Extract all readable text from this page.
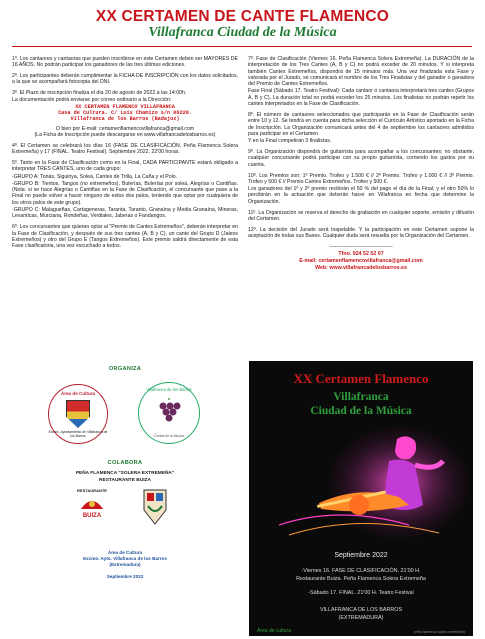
XX CERTAMEN DE CANTE FLAMENCO
Villafranca Ciudad de la Música

1º. Los cantaores y cantaoras que pueden inscribirse en este Certamen deben ser MAYORES DE 16 AÑOS. No podrán participar los ganadores de las tres últimas ediciones.

2º. Los participantes deberán cumplimentar la FICHA DE INSCRIPCIÓN con los datos solicitados, a la que se acompañará fotocopia del DNI.

3º. El Plazo de inscripción finaliza el día 20 de agosto de 2022 a las 14:00h.
La documentación podrá enviarse por correo ordinario a la Dirección:

XX CERTAMEN FLAMENCO VILLAFRANCA
Casa de Cultura. C/ Luis Chamizo s/n 06220.
Villafranca de los Barros (Badajoz)
O bien por E-mail: certamenflamencovillafranca@gmail.com
(La Ficha de Inscripción puede descargarse en www.villafrancadelosbarros.es)

4º. El Certamen se celebrará los días 16 (FASE DE CLASIFICACIÓN. Peña Flamenca Solera Extremeña) y 17 (FINAL. Teatro Festival). Septiembre 2022. 22'00 horas.

5º. Tanto en la Fase de Clasificación como en la Final, CADA PARTICIPANTE estará obligado a interpretar TRES CANTES, uno de cada grupo:

-GRUPO A: Tonás, Siguiriya, Soleá, Cantes de Trilla, La Caña y el Polo.

-GRUPO B: Tientos, Tangos (no extremeños), Bulerías, Bulerías por soleá, Alegrías o Cantiñas. (Nota: si se hace Alegrías o Cantiñas en la Fase de Clasificación, el concursante que pase a la Final no puede volver a hacer ninguno de estos dos palos, teniendo que optar por cualquiera de los otros palos de este grupo).

-GRUPO C: Malagueñas, Cartageneras, Taranta, Taranto, Granaína y Media Granaína, Mineras, Levanticas, Murciana, Rondeñas, Verdiales, Jaberas o Fandangos.

6º. Los concursantes que quieran optar al "Premio de Cantes Extremeños", deberán interpretar en la Fase de Clasificación, y después de sus tres cantes (A, B y C), un cante del Grupo D (Jaleos Extremeños) y otro del Grupo E (Tangos Extremeños). Este premio saldrá directamente de esta Fase clasificatoria, una vez escuchado a todos.

7º. Fase de Clasificación (Viernes 16. Peña Flamenca Solera Extremeña). La DURACIÓN de la interpretación de los Tres Cantes (A, B y C) no podrá exceder de 20 minutos. Y si interpreta también Cantes Extremeños, dispondrá de 15 minutos más. Una vez finalizada esta Fase y valorada por el Jurado, se comunicará el nombre de los Tres Finalistas y del ganador o ganadora del Premio de Cantes Extremeños.

Fase Final (Sábado 17. Teatro Festival): Cada cantaor o cantaora interpretará tres cantes (Grupos A, B y C). La duración total no podrá exceder los 25 minutos. Los finalistas no podrán repetir los cantes interpretados en la Fase de Clasificación.

8º. El número de cantaores seleccionados que participarán en la Fase de Clasificación serán entre 10 y 12. Se tendrá en cuenta para dicha selección el Currículo Artístico aportado en la Ficha de Inscripción. La Organización comunicará antes del 4 de septiembre los cantaores admitidos para participar en el Certamen.

Y en la Final competirán 3 finalistas.

9º. La Organización dispondrá de guitarrista para acompañar a los concursantes; no obstante, cualquier concursante podrá participar con su propio guitarrista, corriendo los gastos por su cuenta.

10º. Los Premios son: 1º Premio. Trofeo y 1.500 € // 2º Premio. Trofeo y 1.000 € // 3º Premio. Trofeo y 500 € // Premio Cantes Extremeños. Trofeo y 500 €.

Los ganadores del 1º y 2º premio recibirán el 50 % del pago el día de la Final; y el otro 50% lo percibirán en la actuación que deberán hacer en Villafranca en fecha que determine la Organización.

11º. La Organización se reserva el derecho de grabación en cualquier soporte, emisión y difusión del Certamen.

12º. La decisión del Jurado será inapelable. Y la participación en este Certamen supone la aceptación de todas sus Bases. Cualquier duda será resuelta por la Organización del Certamen.

------------------------------------
Tfno. 924 52 52 07
E-mail: certamenflamencovillafranca@gmail.com
Web: www.villafrancadelosbarros.es
ORGANIZA
Área de Cultura
Excmo. Ayuntamiento de Villafranca de los Barros
Villafranca de los Barros
Ciudad de la Música
COLABORA
PEÑA FLAMENCA "SOLERA EXTREMEÑA"
RESTAURANTE BUIZA
RESTAURANTE
BUIZA
Área de Cultura
Excmo. Ayto. Villafranca de los Barros
(Extremadura)
Septiembre 2022
XX Certamen Flamenco
Villafranca
Ciudad de la Música
Septiembre 2022
-Viernes 16. FASE DE CLASIFICACIÓN. 21'00 H.
Restaurante Buiza. Peña Flamenca Solera Extremeña
-Sábado 17. FINAL. 21'00 H. Teatro Festival
VILLAFRANCA DE LOS BARROS
(EXTREMADURA)
Área de cultura	peña flamenca solera extremeña
